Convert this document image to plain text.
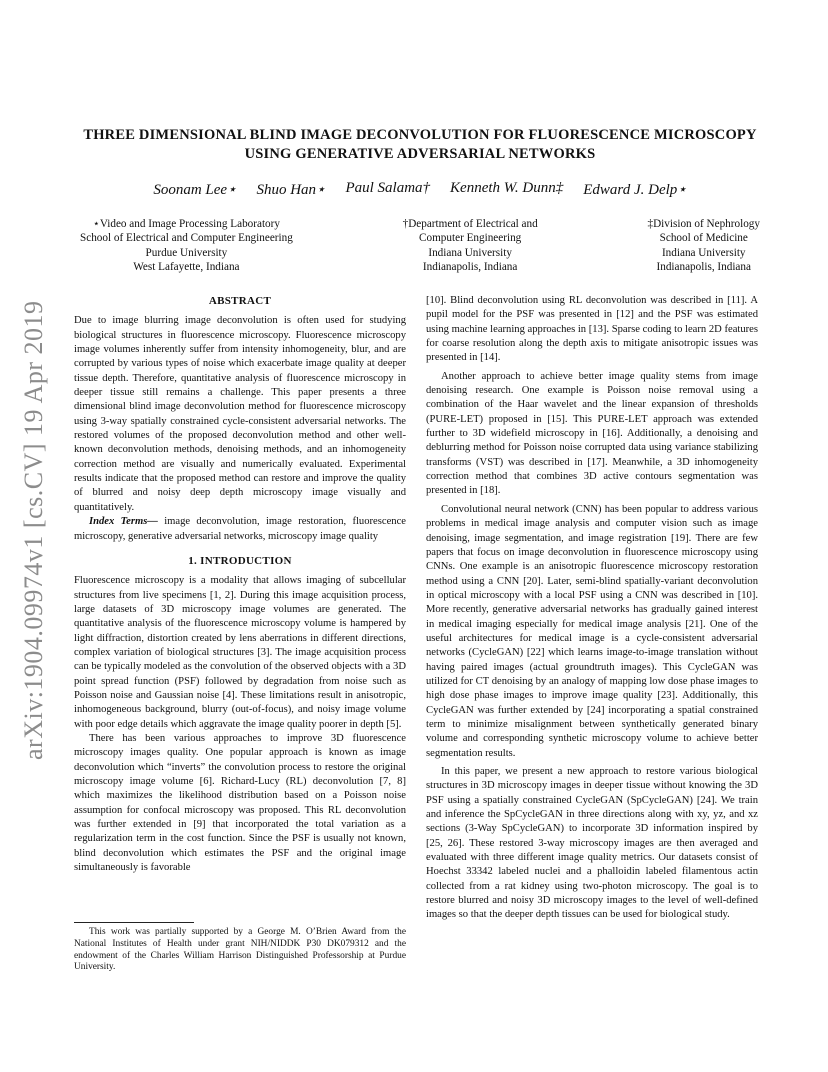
arXiv:1904.09974v1 [cs.CV] 19 Apr 2019
THREE DIMENSIONAL BLIND IMAGE DECONVOLUTION FOR FLUORESCENCE MICROSCOPY USING GENERATIVE ADVERSARIAL NETWORKS
Soonam Lee⋆ Shuo Han⋆ Paul Salama† Kenneth W. Dunn‡ Edward J. Delp⋆
⋆Video and Image Processing Laboratory
School of Electrical and Computer Engineering
Purdue University
West Lafayette, Indiana
†Department of Electrical and
Computer Engineering
Indiana University
Indianapolis, Indiana
‡Division of Nephrology
School of Medicine
Indiana University
Indianapolis, Indiana
ABSTRACT

Due to image blurring image deconvolution is often used for studying biological structures in fluorescence microscopy. Fluorescence microscopy image volumes inherently suffer from intensity inhomogeneity, blur, and are corrupted by various types of noise which exacerbate image quality at deeper tissue depth. Therefore, quantitative analysis of fluorescence microscopy in deeper tissue still remains a challenge. This paper presents a three dimensional blind image deconvolution method for fluorescence microscopy using 3-way spatially constrained cycle-consistent adversarial networks. The restored volumes of the proposed deconvolution method and other well-known deconvolution methods, denoising methods, and an inhomogeneity correction method are visually and numerically evaluated. Experimental results indicate that the proposed method can restore and improve the quality of blurred and noisy deep depth microscopy image visually and quantitatively.

Index Terms— image deconvolution, image restoration, fluorescence microscopy, generative adversarial networks, microscopy image quality

1. INTRODUCTION

Fluorescence microscopy is a modality that allows imaging of subcellular structures from live specimens [1, 2]. During this image acquisition process, large datasets of 3D microscopy image volumes are generated. The quantitative analysis of the fluorescence microscopy volume is hampered by light diffraction, distortion created by lens aberrations in different directions, complex variation of biological structures [3]. The image acquisition process can be typically modeled as the convolution of the observed objects with a 3D point spread function (PSF) followed by degradation from noise such as Poisson noise and Gaussian noise [4]. These limitations result in anisotropic, inhomogeneous background, blurry (out-of-focus), and noisy image volume with poor edge details which aggravate the image quality poorer in depth [5].

There has been various approaches to improve 3D fluorescence microscopy images quality. One popular approach is known as image deconvolution which “inverts” the convolution process to restore the original microscopy image volume [6]. Richard-Lucy (RL) deconvolution [7, 8] which maximizes the likelihood distribution based on a Poisson noise assumption for confocal microscopy was proposed. This RL deconvolution was further extended in [9] that incorporated the total variation as a regularization term in the cost function. Since the PSF is usually not known, blind deconvolution which estimates the PSF and the original image simultaneously is favorable

This work was partially supported by a George M. O’Brien Award from the National Institutes of Health under grant NIH/NIDDK P30 DK079312 and the endowment of the Charles William Harrison Distinguished Professorship at Purdue University.

[10]. Blind deconvolution using RL deconvolution was described in [11]. A pupil model for the PSF was presented in [12] and the PSF was estimated using machine learning approaches in [13]. Sparse coding to learn 2D features for coarse resolution along the depth axis to mitigate anisotropic issues was presented in [14].

Another approach to achieve better image quality stems from image denoising research. One example is Poisson noise removal using a combination of the Haar wavelet and the linear expansion of thresholds (PURE-LET) proposed in [15]. This PURE-LET approach was extended further to 3D widefield microscopy in [16]. Additionally, a denoising and deblurring method for Poisson noise corrupted data using variance stabilizing transforms (VST) was described in [17]. Meanwhile, a 3D inhomogeneity correction method that combines 3D active contours segmentation was presented in [18].

Convolutional neural network (CNN) has been popular to address various problems in medical image analysis and computer vision such as image denoising, image segmentation, and image registration [19]. There are few papers that focus on image deconvolution in fluorescence microscopy using CNNs. One example is an anisotropic fluorescence microscopy restoration method using a CNN [20]. Later, semi-blind spatially-variant deconvolution in optical microscopy with a local PSF using a CNN was described in [10]. More recently, generative adversarial networks has gradually gained interest in medical imaging especially for medical image analysis [21]. One of the useful architectures for medical image is a cycle-consistent adversarial networks (CycleGAN) [22] which learns image-to-image translation without having paired images (actual groundtruth images). This CycleGAN was utilized for CT denoising by an analogy of mapping low dose phase images to high dose phase images to improve image quality [23]. Additionally, this CycleGAN was further extended by [24] incorporating a spatial constrained term to minimize misalignment between synthetically generated binary volume and corresponding synthetic microscopy volume to achieve better segmentation results.

In this paper, we present a new approach to restore various biological structures in 3D microscopy images in deeper tissue without knowing the 3D PSF using a spatially constrained CycleGAN (SpCycleGAN) [24]. We train and inference the SpCycleGAN in three directions along with xy, yz, and xz sections (3-Way SpCycleGAN) to incorporate 3D information inspired by [25, 26]. These restored 3-way microscopy images are then averaged and evaluated with three different image quality metrics. Our datasets consist of Hoechst 33342 labeled nuclei and a phalloidin labeled filamentous actin collected from a rat kidney using two-photon microscopy. The goal is to restore blurred and noisy 3D microscopy images to the level of well-defined images so that the deeper depth tissues can be used for biological study.
